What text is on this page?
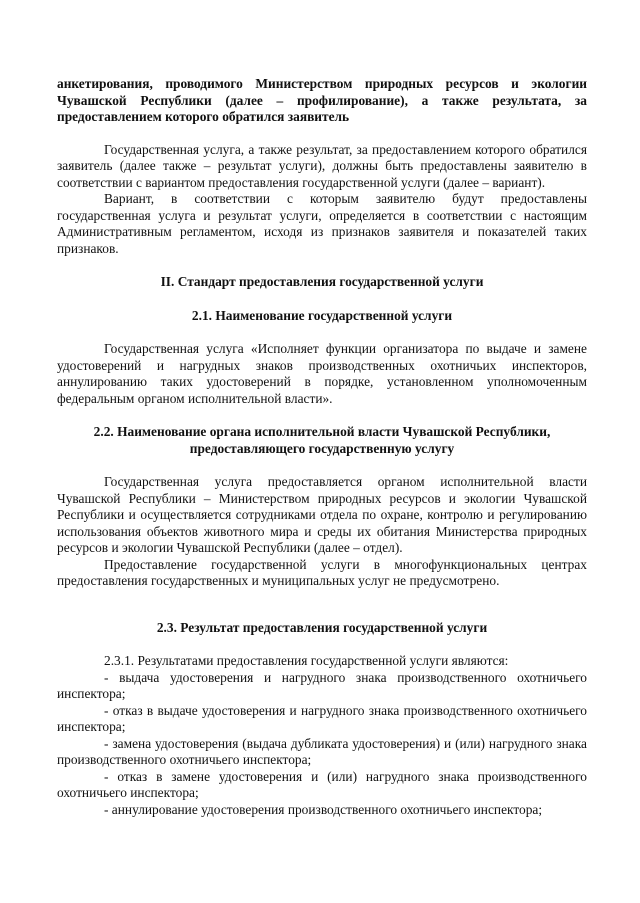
анкетирования, проводимого Министерством природных ресурсов и экологии Чувашской Республики (далее – профилирование), а также результата, за предоставлением которого обратился заявитель

Государственная услуга, а также результат, за предоставлением которого обратился заявитель (далее также – результат услуги), должны быть предоставлены заявителю в соответствии с вариантом предоставления государственной услуги (далее – вариант).

Вариант, в соответствии с которым заявителю будут предоставлены государственная услуга и результат услуги, определяется в соответствии с настоящим Административным регламентом, исходя из признаков заявителя и показателей таких признаков.

II. Стандарт предоставления государственной услуги

2.1. Наименование государственной услуги

Государственная услуга «Исполняет функции организатора по выдаче и замене удостоверений и нагрудных знаков производственных охотничьих инспекторов, аннулированию таких удостоверений в порядке, установленном уполномоченным федеральным органом исполнительной власти».

2.2. Наименование органа исполнительной власти Чувашской Республики,
предоставляющего государственную услугу

Государственная услуга предоставляется органом исполнительной власти Чувашской Республики – Министерством природных ресурсов и экологии Чувашской Республики и осуществляется сотрудниками отдела по охране, контролю и регулированию использования объектов животного мира и среды их обитания Министерства природных ресурсов и экологии Чувашской Республики (далее – отдел).

Предоставление государственной услуги в многофункциональных центрах предоставления государственных и муниципальных услуг не предусмотрено.

2.3. Результат предоставления государственной услуги

2.3.1. Результатами предоставления государственной услуги являются:

- выдача удостоверения и нагрудного знака производственного охотничьего инспектора;

- отказ в выдаче удостоверения и нагрудного знака производственного охотничьего инспектора;

- замена удостоверения (выдача дубликата удостоверения) и (или) нагрудного знака производственного охотничьего инспектора;

- отказ в замене удостоверения и (или) нагрудного знака производственного охотничьего инспектора;

- аннулирование удостоверения производственного охотничьего инспектора;
